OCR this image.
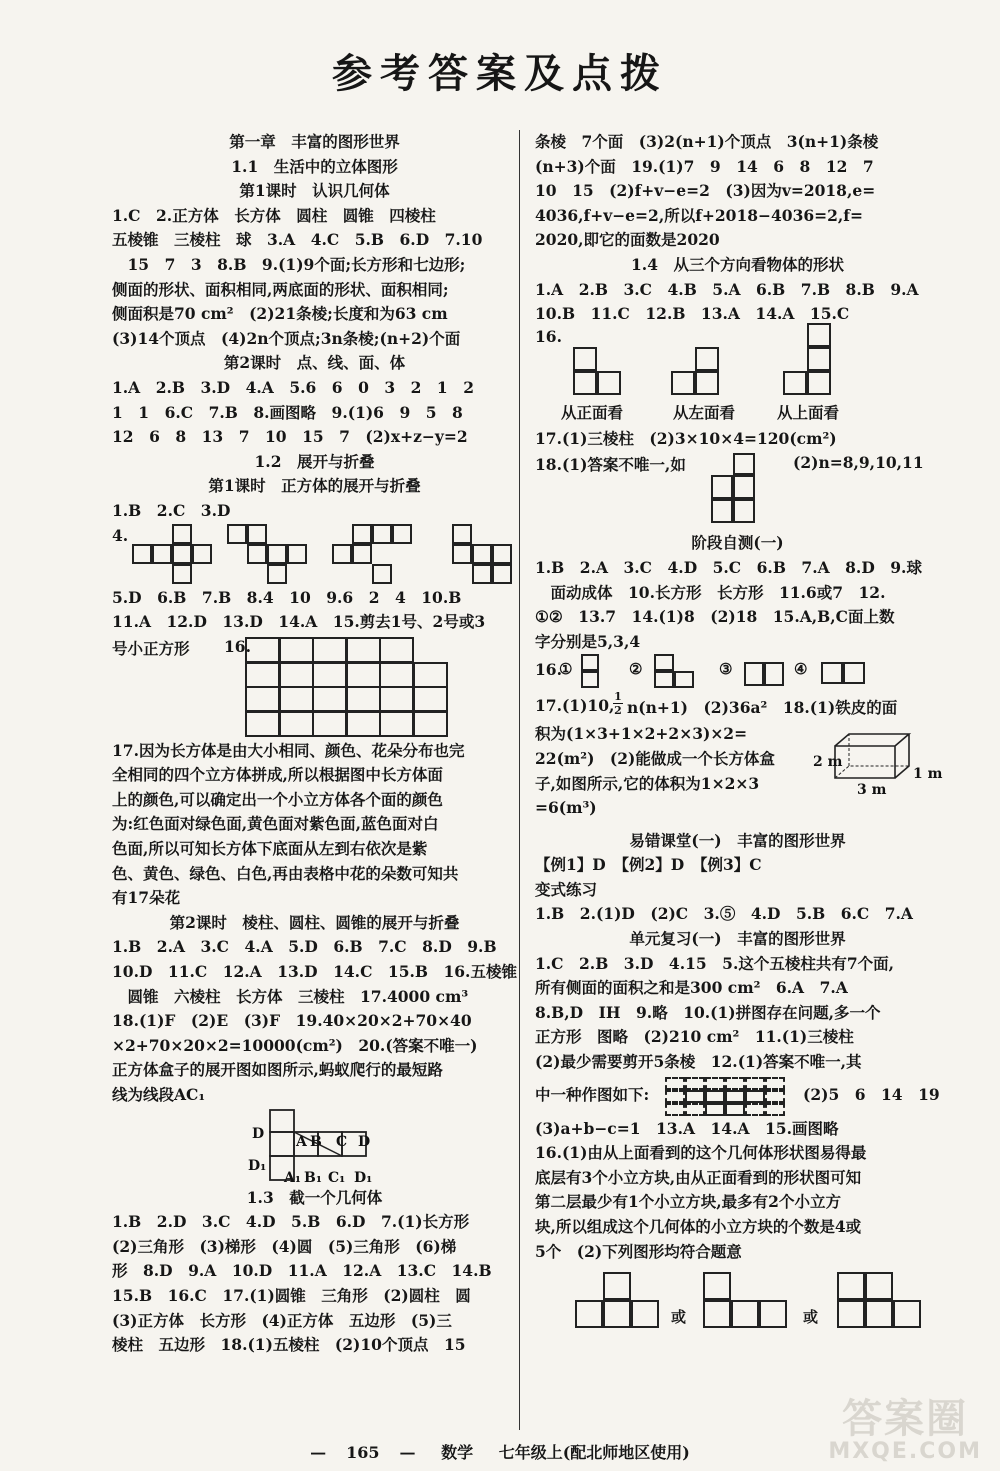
参考答案及点拨
第一章　丰富的图形世界
1.1　生活中的立体图形
第1课时　认识几何体
1.C　2.正方体　长方体　圆柱　圆锥　四棱柱
五棱锥　三棱柱　球　3.A　4.C　5.B　6.D　7.10
　15　7　3　8.B　9.(1)9个面;长方形和七边形;
侧面的形状、面积相同,两底面的形状、面积相同;
侧面积是70 cm²　(2)21条棱;长度和为63 cm
(3)14个顶点　(4)2n个顶点;3n条棱;(n+2)个面
第2课时　点、线、面、体
1.A　2.B　3.D　4.A　5.6　6　0　3　2　1　2
1　1　6.C　7.B　8.画图略　9.(1)6　9　5　8
12　6　8　13　7　10　15　7　(2)x+z−y=2
1.2　展开与折叠
第1课时　正方体的展开与折叠
1.B　2.C　3.D
4.
5.D　6.B　7.B　8.4　10　9.6　2　4　10.B
11.A　12.D　13.D　14.A　15.剪去1号、2号或3
号小正方形 16.
17.因为长方体是由大小相同、颜色、花朵分布也完
全相同的四个立方体拼成,所以根据图中长方体面
上的颜色,可以确定出一个小立方体各个面的颜色
为:红色面对绿色面,黄色面对紫色面,蓝色面对白
色面,所以可知长方体下底面从左到右依次是紫
色、黄色、绿色、白色,再由表格中花的朵数可知共
有17朵花
第2课时　棱柱、圆柱、圆锥的展开与折叠
1.B　2.A　3.C　4.A　5.D　6.B　7.C　8.D　9.B
10.D　11.C　12.A　13.D　14.C　15.B　16.五棱锥
　圆锥　六棱柱　长方体　三棱柱　17.4000 cm³
18.(1)F　(2)E　(3)F　19.40×20×2+70×40
×2+70×20×2=10000(cm²)　20.(答案不唯一)
正方体盒子的展开图如图所示,蚂蚁爬行的最短路
线为线段AC₁
D A B C D
D₁
A₁ B₁ C₁ D₁
1.3　截一个几何体
1.B　2.D　3.C　4.D　5.B　6.D　7.(1)长方形
(2)三角形　(3)梯形　(4)圆　(5)三角形　(6)梯
形　8.D　9.A　10.D　11.A　12.A　13.C　14.B
15.B　16.C　17.(1)圆锥　三角形　(2)圆柱　圆
(3)正方体　长方形　(4)正方体　五边形　(5)三
棱柱　五边形　18.(1)五棱柱　(2)10个顶点　15
条棱　7个面　(3)2(n+1)个顶点　3(n+1)条棱
(n+3)个面　19.(1)7　9　14　6　8　12　7
10　15　(2)f+v−e=2　(3)因为v=2018,e=
4036,f+v−e=2,所以f+2018−4036=2,f=
2020,即它的面数是2020
1.4　从三个方向看物体的形状
1.A　2.B　3.C　4.B　5.A　6.B　7.B　8.B　9.A
10.B　11.C　12.B　13.A　14.A　15.C
16.
从正面看	从左面看	从上面看
17.(1)三棱柱　(2)3×10×4=120(cm²)
18.(1)答案不唯一,如	(2)n=8,9,10,11
阶段自测(一)
1.B　2.A　3.C　4.D　5.C　6.B　7.A　8.D　9.球
　面动成体　10.长方形　长方形　11.6或7　12.
①②　13.7　14.(1)8　(2)18　15.A,B,C面上数
字分别是5,3,4
16.
①	②	③	④
17.(1)10,
$\frac{1}{2} n(n+1)$　(2)36a²　18.(1)铁皮的面
积为(1×3+1×2+2×3)×2=
22(m²)　(2)能做成一个长方体盒
子,如图所示,它的体积为1×2×3
=6(m³)
2 m
3 m
1 m
易错课堂(一)　丰富的图形世界
【例1】D　【例2】D　【例3】C
变式练习
1.B　2.(1)D　(2)C　3.⑤　4.D　5.B　6.C　7.A
单元复习(一)　丰富的图形世界
1.C　2.B　3.D　4.15　5.这个五棱柱共有7个面,
所有侧面的面积之和是300 cm²　6.A　7.A
8.B,D　IH　9.略　10.(1)拼图存在问题,多一个
正方形　图略　(2)210 cm²　11.(1)三棱柱
(2)最少需要剪开5条棱　12.(1)答案不唯一,其
中一种作图如下:	(2)5　6　14　19
(3)a+b−c=1　13.A　14.A　15.画图略
16.(1)由从上面看到的这个几何体形状图易得最
底层有3个小立方块,由从正面看到的形状图可知
第二层最少有1个小立方块,最多有2个小立方
块,所以组成这个几何体的小立方块的个数是4或
5个　(2)下列图形均符合题意
或	或
— 165 — 数学 七年级上(配北师地区使用)
答案圈
MXQE.COM
